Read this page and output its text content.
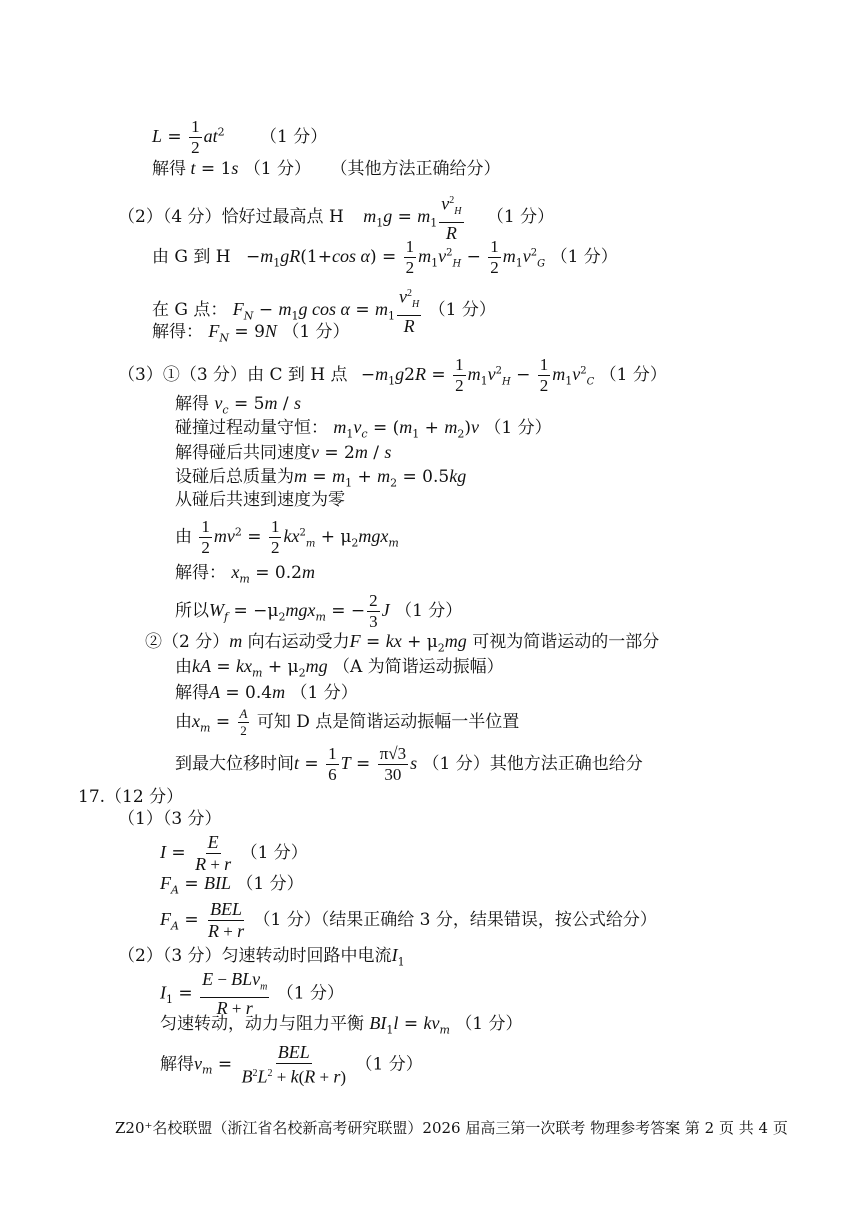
$L = \frac{1}{2} at^2$ （1 分）
解得 t = 1s （1 分） （其他方法正确给分）
（2）（4 分）恰好过最高点 H $m_1g = m_1 \frac{v^2_H}{R} (1$ 分）
由 G 到 $H -m_1gR(1+\cos$ $\alpha) = \frac{1}{2} m_1v^2_H - \frac{1}{2} m_1v^2_G$ （1 分）
在 G 点： $F_N - m_1g$ $\cos \alpha = m_1 \frac{v^2_H}{R} (1$ 分）
解得： $F_N = 9N$ （1 分）
（3）①（3 分）由 C 到 H 点 $-m_1g2R = \frac{1}{2} m_1v^2_H - \frac{1}{2} m_1v^2_C$ （1 分）
解得 $v_c = 5m / s$
碰撞过程动量守恒： $m_1v_c = (m_1 + m_2)v$ （1 分）
解得碰后共同速度v = 2m / s
设碰后总质量为$m = m_1 + m_2 = 0.5kg$
从碰后共速到速度为零
由 $\frac{1}{2} mv^2 = \frac{1}{2} kx^2_m + \mu_2mgx_m$
解得： $x_m = 0.2m$
所以$W_f = -\mu_2mgx_m$ = − $\frac{2}{3}$ J （1 分）
②（2 分）m 向右运动受力F = kx + $\mu_2mg$ 可视为简谐运动的一部分
由kA = $kx_m + \mu_2mg$ （A 为简谐运动振幅）
解得A = 0.4m （1 分）
由$x_m = \frac{A}{2}$ 可知 D 点是简谐运动振幅一半位置
到最大位移时间$t = \frac{1}{6}$ $T = \frac{\pi√3}{30}$ s （1 分）其他方法正确也给分
17.（12 分）
（1）（3 分）
$I = \frac{E}{R + r} (1$ 分）
$F_A$ = BIL （1 分）
$F_A$ =
BEL
R + r
（1 分）（结果正确给 3 分，结果错误，按公式给分）
（2）（3 分）匀速转动时回路中电流$I_1$
$I_1$ =
E − BLv$_m$
R + r
（1 分）
匀速转动，动力与阻力平衡 $BI_1l = kv_m$ （1 分）
解得$v_m$ =
BEL
$B^2L^2 + k(R + r)$
（1 分）
Z20⁺名校联盟（浙江省名校新高考研究联盟）2026 届高三第一次联考 物理参考答案 第 2 页 共 4 页
